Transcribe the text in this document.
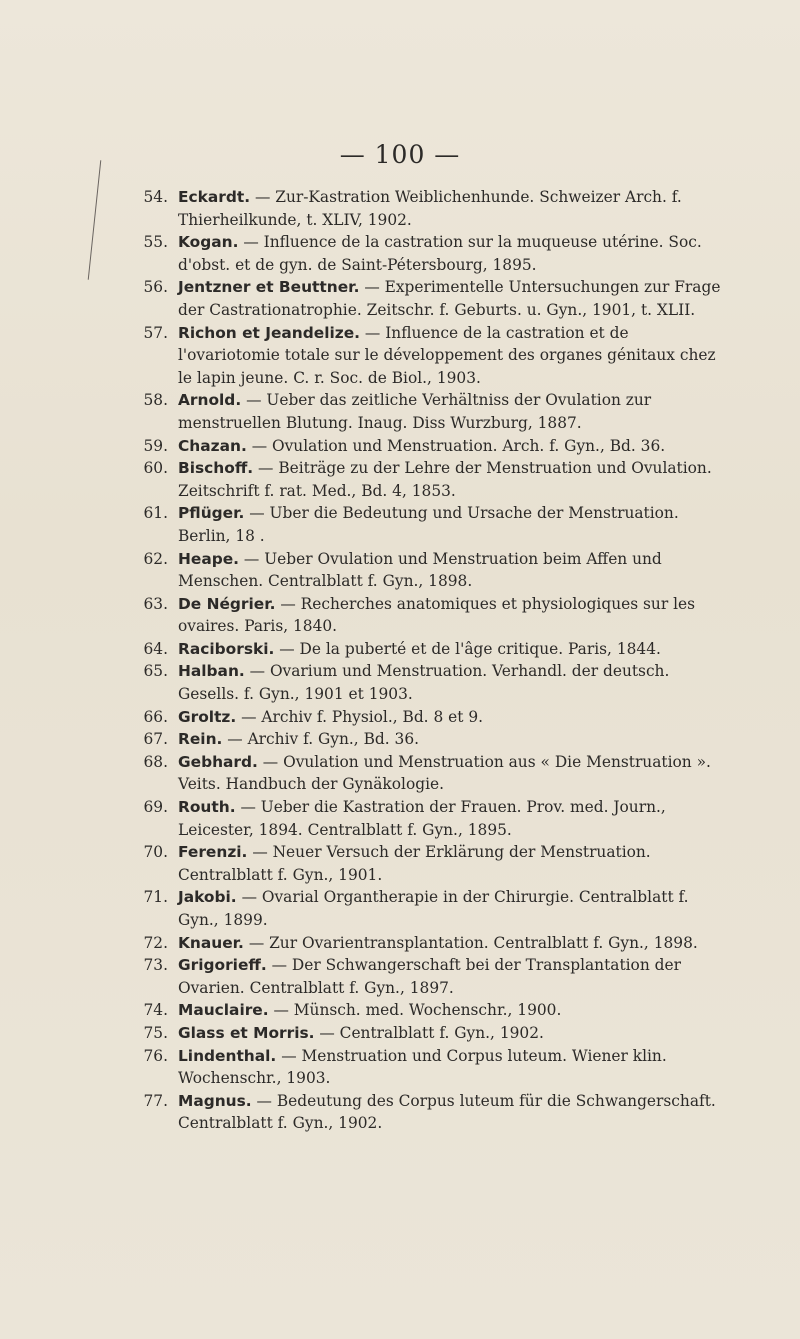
— 100 —

54. Eckardt. — Zur-Kastration Weiblichenhunde. Schweizer Arch. f. Thierheilkunde, t. XLIV, 1902.

55. Kogan. — Influence de la castration sur la muqueuse utérine. Soc. d'obst. et de gyn. de Saint-Pétersbourg, 1895.

56. Jentzner et Beuttner. — Experimentelle Untersuchungen zur Frage der Castrationatrophie. Zeitschr. f. Geburts. u. Gyn., 1901, t. XLII.

57. Richon et Jeandelize. — Influence de la castration et de l'ovariotomie totale sur le développement des organes génitaux chez le lapin jeune. C. r. Soc. de Biol., 1903.

58. Arnold. — Ueber das zeitliche Verhältniss der Ovulation zur menstruellen Blutung. Inaug. Diss Wurzburg, 1887.

59. Chazan. — Ovulation und Menstruation. Arch. f. Gyn., Bd. 36.

60. Bischoff. — Beiträge zu der Lehre der Menstruation und Ovulation. Zeitschrift f. rat. Med., Bd. 4, 1853.

61. Pflüger. — Uber die Bedeutung und Ursache der Menstruation. Berlin, 18 .

62. Heape. — Ueber Ovulation und Menstruation beim Affen und Menschen. Centralblatt f. Gyn., 1898.

63. De Négrier. — Recherches anatomiques et physiologiques sur les ovaires. Paris, 1840.

64. Raciborski. — De la puberté et de l'âge critique. Paris, 1844.

65. Halban. — Ovarium und Menstruation. Verhandl. der deutsch. Gesells. f. Gyn., 1901 et 1903.

66. Groltz. — Archiv f. Physiol., Bd. 8 et 9.

67. Rein. — Archiv f. Gyn., Bd. 36.

68. Gebhard. — Ovulation und Menstruation aus « Die Menstruation ». Veits. Handbuch der Gynäkologie.

69. Routh. — Ueber die Kastration der Frauen. Prov. med. Journ., Leicester, 1894. Centralblatt f. Gyn., 1895.

70. Ferenzi. — Neuer Versuch der Erklärung der Menstruation. Centralblatt f. Gyn., 1901.

71. Jakobi. — Ovarial Organtherapie in der Chirurgie. Centralblatt f. Gyn., 1899.

72. Knauer. — Zur Ovarientransplantation. Centralblatt f. Gyn., 1898.

73. Grigorieff. — Der Schwangerschaft bei der Transplantation der Ovarien. Centralblatt f. Gyn., 1897.

74. Mauclaire. — Münsch. med. Wochenschr., 1900.

75. Glass et Morris. — Centralblatt f. Gyn., 1902.

76. Lindenthal. — Menstruation und Corpus luteum. Wiener klin. Wochenschr., 1903.

77. Magnus. — Bedeutung des Corpus luteum für die Schwangerschaft. Centralblatt f. Gyn., 1902.
